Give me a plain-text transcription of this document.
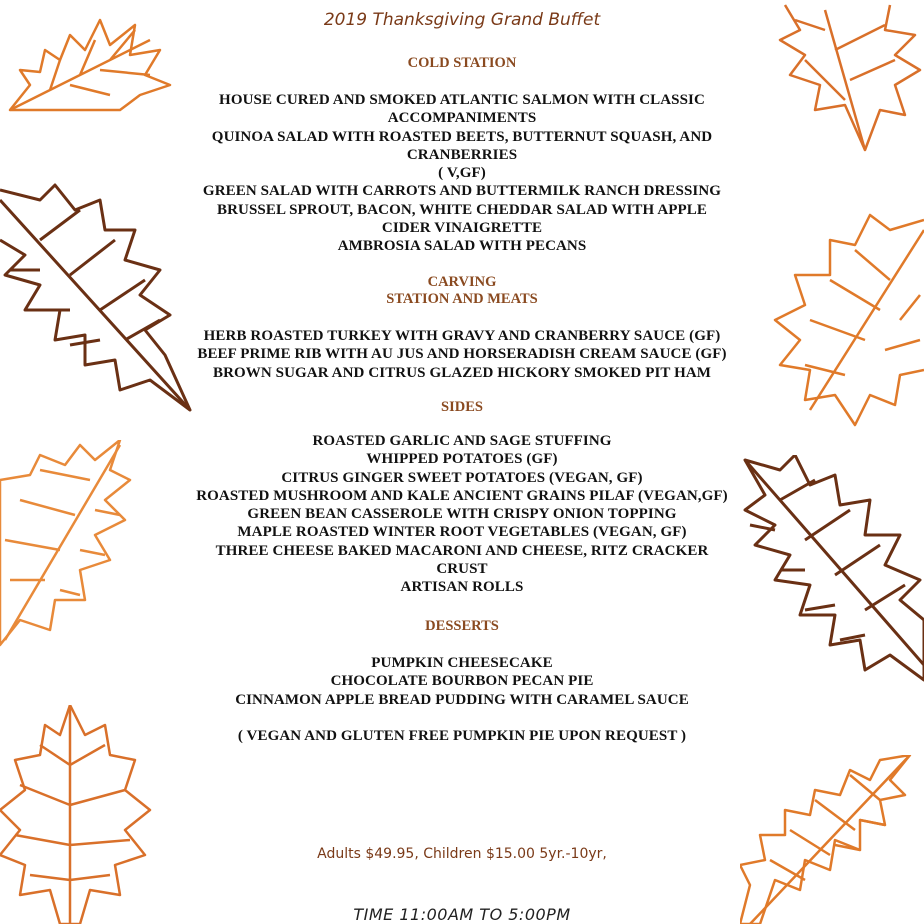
2019 Thanksgiving Grand Buffet
COLD STATION
HOUSE CURED AND SMOKED ATLANTIC SALMON WITH CLASSIC
ACCOMPANIMENTS
QUINOA SALAD WITH ROASTED BEETS, BUTTERNUT SQUASH, AND
CRANBERRIES
( V,GF)
GREEN SALAD WITH CARROTS AND BUTTERMILK RANCH DRESSING
BRUSSEL SPROUT, BACON, WHITE CHEDDAR SALAD WITH APPLE
CIDER VINAIGRETTE
AMBROSIA SALAD WITH PECANS
CARVING
STATION AND MEATS
HERB ROASTED TURKEY WITH GRAVY AND CRANBERRY SAUCE (GF)
BEEF PRIME RIB WITH AU JUS AND HORSERADISH CREAM SAUCE (GF)
BROWN SUGAR AND CITRUS GLAZED HICKORY SMOKED PIT HAM
SIDES
ROASTED GARLIC AND SAGE STUFFING
WHIPPED POTATOES (GF)
CITRUS GINGER SWEET POTATOES (VEGAN, GF)
ROASTED MUSHROOM AND KALE ANCIENT GRAINS PILAF (VEGAN,GF)
GREEN BEAN CASSEROLE WITH CRISPY ONION TOPPING
MAPLE ROASTED WINTER ROOT VEGETABLES (VEGAN, GF)
THREE CHEESE BAKED MACARONI AND CHEESE, RITZ CRACKER
CRUST
ARTISAN ROLLS
DESSERTS
PUMPKIN CHEESECAKE
CHOCOLATE BOURBON PECAN PIE
CINNAMON APPLE BREAD PUDDING WITH CARAMEL SAUCE
( VEGAN AND GLUTEN FREE PUMPKIN PIE UPON REQUEST )
Adults $49.95, Children $15.00 5yr.-10yr,
TIME 11:00AM TO 5:00PM
